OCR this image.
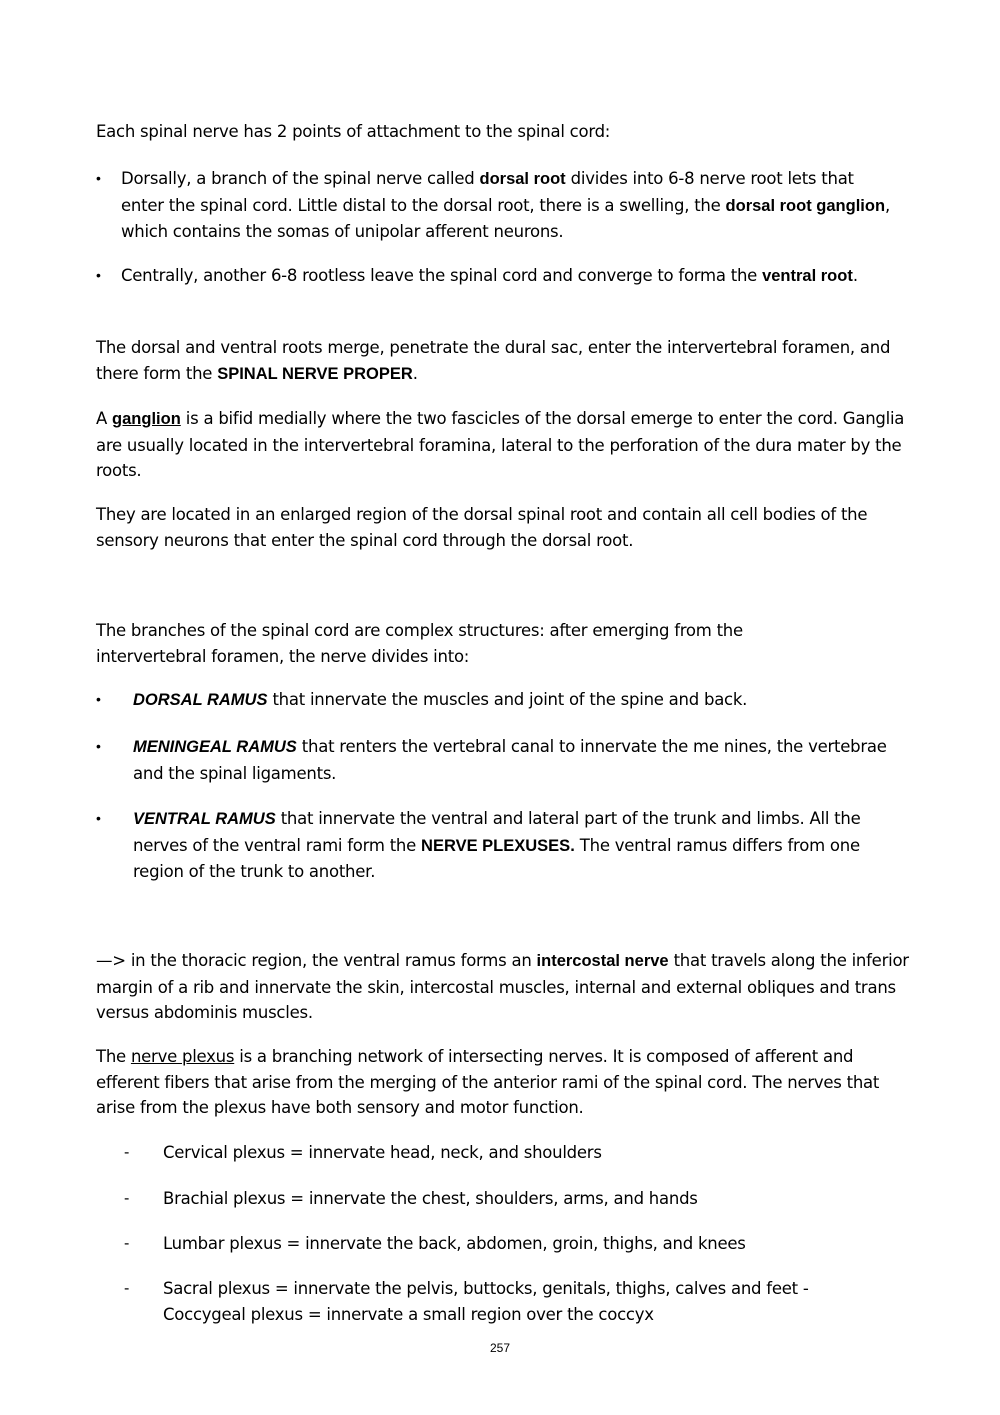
Each spinal nerve has 2 points of attachment to the spinal cord:

• Dorsally, a branch of the spinal nerve called dorsal root divides into 6-8 nerve root lets that enter the spinal cord. Little distal to the dorsal root, there is a swelling, the dorsal root ganglion, which contains the somas of unipolar afferent neurons.

• Centrally, another 6-8 rootless leave the spinal cord and converge to forma the ventral root.

The dorsal and ventral roots merge, penetrate the dural sac, enter the intervertebral foramen, and there form the SPINAL NERVE PROPER.

A ganglion is a bifid medially where the two fascicles of the dorsal emerge to enter the cord. Ganglia are usually located in the intervertebral foramina, lateral to the perforation of the dura mater by the roots.

They are located in an enlarged region of the dorsal spinal root and contain all cell bodies of the sensory neurons that enter the spinal cord through the dorsal root.

The branches of the spinal cord are complex structures: after emerging from the intervertebral foramen, the nerve divides into:

• DORSAL RAMUS that innervate the muscles and joint of the spine and back.

• MENINGEAL RAMUS that renters the vertebral canal to innervate the me nines, the vertebrae and the spinal ligaments.

• VENTRAL RAMUS that innervate the ventral and lateral part of the trunk and limbs. All the nerves of the ventral rami form the NERVE PLEXUSES. The ventral ramus differs from one region of the trunk to another.

—> in the thoracic region, the ventral ramus forms an intercostal nerve that travels along the inferior margin of a rib and innervate the skin, intercostal muscles, internal and external obliques and trans versus abdominis muscles.

The nerve plexus is a branching network of intersecting nerves. It is composed of afferent and efferent fibers that arise from the merging of the anterior rami of the spinal cord. The nerves that arise from the plexus have both sensory and motor function.

- Cervical plexus = innervate head, neck, and shoulders

- Brachial plexus = innervate the chest, shoulders, arms, and hands

- Lumbar plexus = innervate the back, abdomen, groin, thighs, and knees

- Sacral plexus = innervate the pelvis, buttocks, genitals, thighs, calves and feet - Coccygeal plexus = innervate a small region over the coccyx

257
